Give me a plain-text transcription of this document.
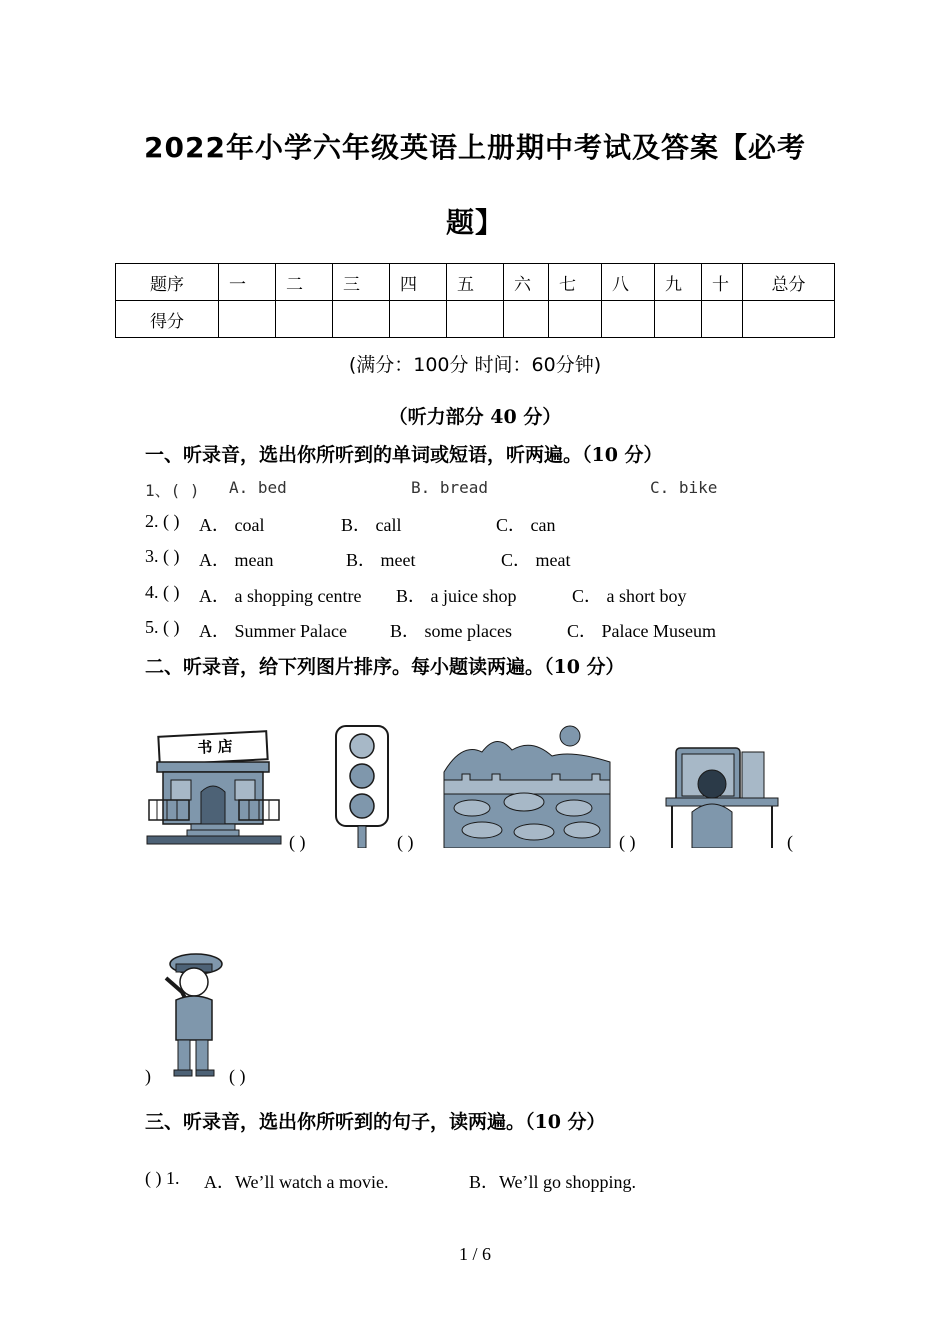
2022年小学六年级英语上册期中考试及答案【必考
题】
题序	一	二	三	四	五	六	七	八	九	十	总分
得分											
(满分：100分 时间：60分钟)
（听力部分 40 分）
一、听录音，选出你所听到的单词或短语，听两遍。（10 分）
1、( ) A. bed	B. bread	C. bike
2. ( ) A． coal	B． call	C． can
3. ( ) A． mean	B． meet	C． meat
4. ( ) A． a shopping centre B． a juice shop	C． a short boy
5. ( ) A． Summer Palace B． some places	C． Palace Museum
二、听录音，给下列图片排序。每小题读两遍。（10 分）
书 店
( )	( )	( )	(
)	( )
三、听录音，选出你所听到的句子，读两遍。（10 分）
( ) 1. A．We’ll watch a movie.	B．We’ll go shopping.
1 / 6
